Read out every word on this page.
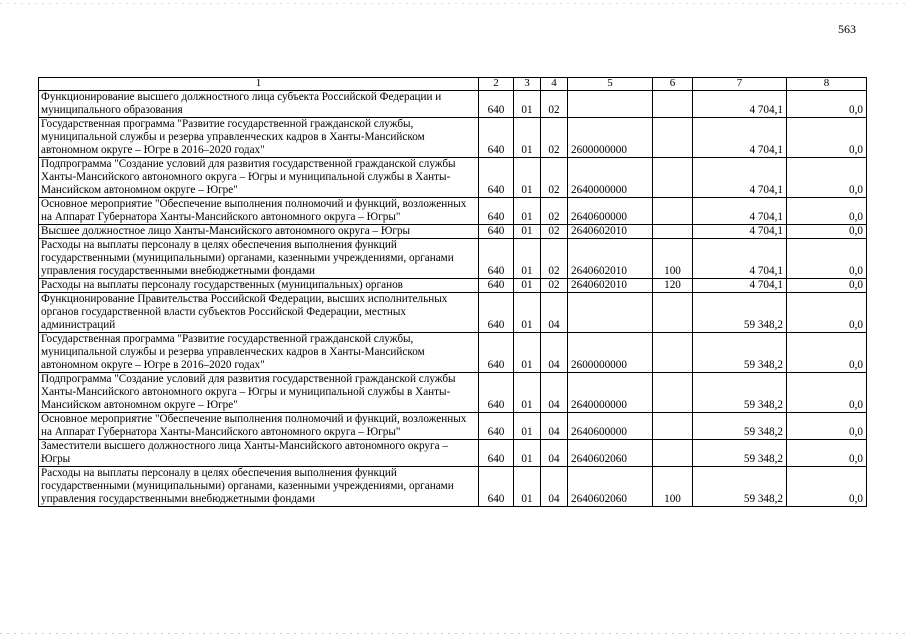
563
1	2	3	4	5	6	7	8
Функционирование высшего должностного лица субъекта Российской Федерации и муниципального образования	640	01	02			4 704,1	0,0
Государственная программа "Развитие государственной гражданской службы, муниципальной службы и резерва управленческих кадров в Ханты-Мансийском автономном округе – Югре в 2016–2020 годах"	640	01	02	2600000000		4 704,1	0,0
Подпрограмма "Создание условий для развития государственной гражданской службы Ханты-Мансийского автономного округа – Югры и муниципальной службы в Ханты-Мансийском автономном округе – Югре"	640	01	02	2640000000		4 704,1	0,0
Основное мероприятие "Обеспечение выполнения полномочий и функций, возложенных на Аппарат Губернатора Ханты-Мансийского автономного округа – Югры"	640	01	02	2640600000		4 704,1	0,0
Высшее должностное лицо Ханты-Мансийского автономного округа – Югры	640	01	02	2640602010		4 704,1	0,0
Расходы на выплаты персоналу в целях обеспечения выполнения функций государственными (муниципальными) органами, казенными учреждениями, органами управления государственными внебюджетными фондами	640	01	02	2640602010	100	4 704,1	0,0
Расходы на выплаты персоналу государственных (муниципальных) органов	640	01	02	2640602010	120	4 704,1	0,0
Функционирование Правительства Российской Федерации, высших исполнительных органов государственной власти субъектов Российской Федерации, местных администраций	640	01	04			59 348,2	0,0
Государственная программа "Развитие государственной гражданской службы, муниципальной службы и резерва управленческих кадров в Ханты-Мансийском автономном округе – Югре в 2016–2020 годах"	640	01	04	2600000000		59 348,2	0,0
Подпрограмма "Создание условий для развития государственной гражданской службы Ханты-Мансийского автономного округа – Югры и муниципальной службы в Ханты-Мансийском автономном округе – Югре"	640	01	04	2640000000		59 348,2	0,0
Основное мероприятие "Обеспечение выполнения полномочий и функций, возложенных на Аппарат Губернатора Ханты-Мансийского автономного округа – Югры"	640	01	04	2640600000		59 348,2	0,0
Заместители высшего должностного лица Ханты-Мансийского автономного округа – Югры	640	01	04	2640602060		59 348,2	0,0
Расходы на выплаты персоналу в целях обеспечения выполнения функций государственными (муниципальными) органами, казенными учреждениями, органами управления государственными внебюджетными фондами	640	01	04	2640602060	100	59 348,2	0,0
